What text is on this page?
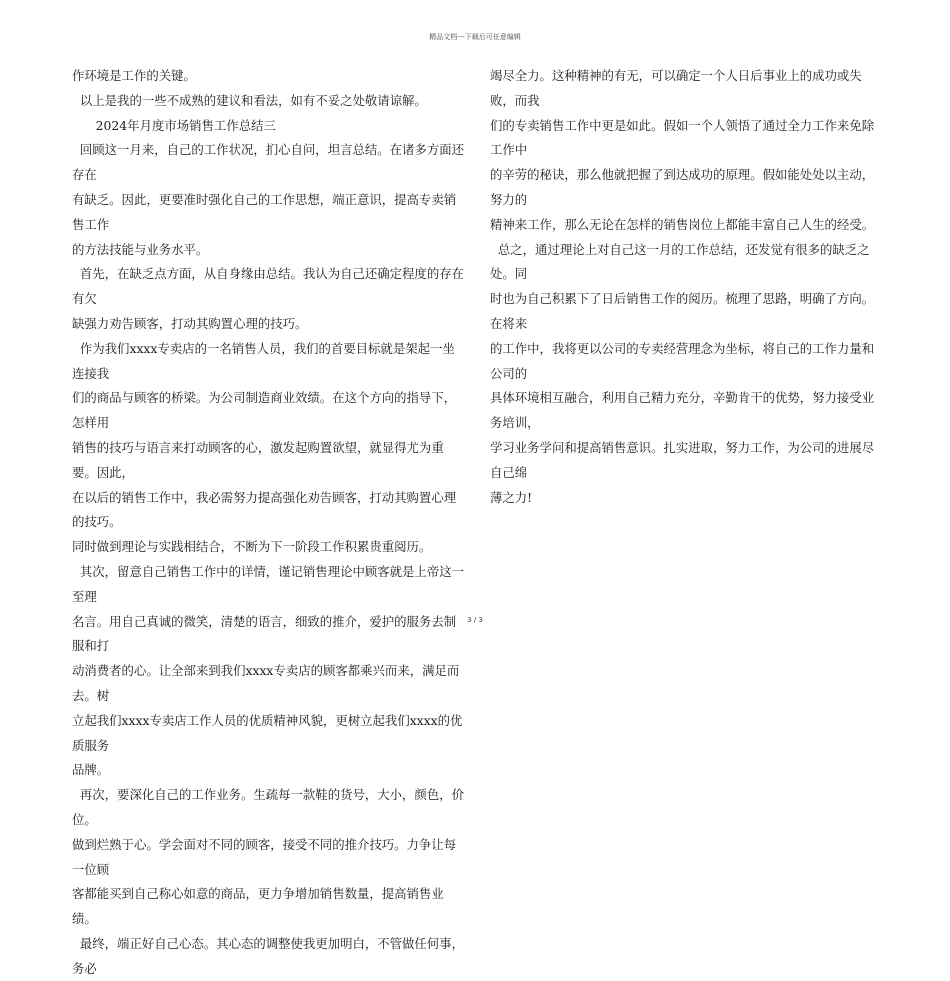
精品文档---下载后可任意编辑

作环境是工作的关键。

以上是我的一些不成熟的建议和看法，如有不妥之处敬请谅解。

2024年月度市场销售工作总结三

回顾这一月来，自己的工作状况，扪心自问，坦言总结。在诸多方面还存在

有缺乏。因此，更要准时强化自己的工作思想，端正意识，提高专卖销售工作

的方法技能与业务水平。

首先，在缺乏点方面，从自身缘由总结。我认为自己还确定程度的存在有欠

缺强力劝告顾客，打动其购置心理的技巧。

作为我们xxxx专卖店的一名销售人员，我们的首要目标就是架起一坐连接我

们的商品与顾客的桥梁。为公司制造商业效绩。在这个方向的指导下，怎样用

销售的技巧与语言来打动顾客的心，激发起购置欲望，就显得尤为重要。因此，

在以后的销售工作中，我必需努力提高强化劝告顾客，打动其购置心理的技巧。

同时做到理论与实践相结合，不断为下一阶段工作积累贵重阅历。

其次，留意自己销售工作中的详情，谨记销售理论中顾客就是上帝这一至理

名言。用自己真诚的微笑，清楚的语言，细致的推介，爱护的服务去制服和打

动消费者的心。让全部来到我们xxxx专卖店的顾客都乘兴而来，满足而去。树

立起我们xxxx专卖店工作人员的优质精神风貌，更树立起我们xxxx的优质服务

品牌。

再次，要深化自己的工作业务。生疏每一款鞋的货号，大小，颜色，价位。

做到烂熟于心。学会面对不同的顾客，接受不同的推介技巧。力争让每一位顾

客都能买到自己称心如意的商品，更力争增加销售数量，提高销售业绩。

最终，端正好自己心态。其心态的调整使我更加明白，不管做任何事，务必

竭尽全力。这种精神的有无，可以确定一个人日后事业上的成功或失败，而我

们的专卖销售工作中更是如此。假如一个人领悟了通过全力工作来免除工作中

的辛劳的秘诀，那么他就把握了到达成功的原理。假如能处处以主动，努力的

精神来工作，那么无论在怎样的销售岗位上都能丰富自己人生的经受。

总之，通过理论上对自己这一月的工作总结，还发觉有很多的缺乏之处。同

时也为自己积累下了日后销售工作的阅历。梳理了思路，明确了方向。在将来

的工作中，我将更以公司的专卖经营理念为坐标，将自己的工作力量和公司的

具体环境相互融合，利用自己精力充分，辛勤肯干的优势，努力接受业务培训，

学习业务学问和提高销售意识。扎实进取，努力工作，为公司的进展尽自己绵

薄之力!

3 / 3
